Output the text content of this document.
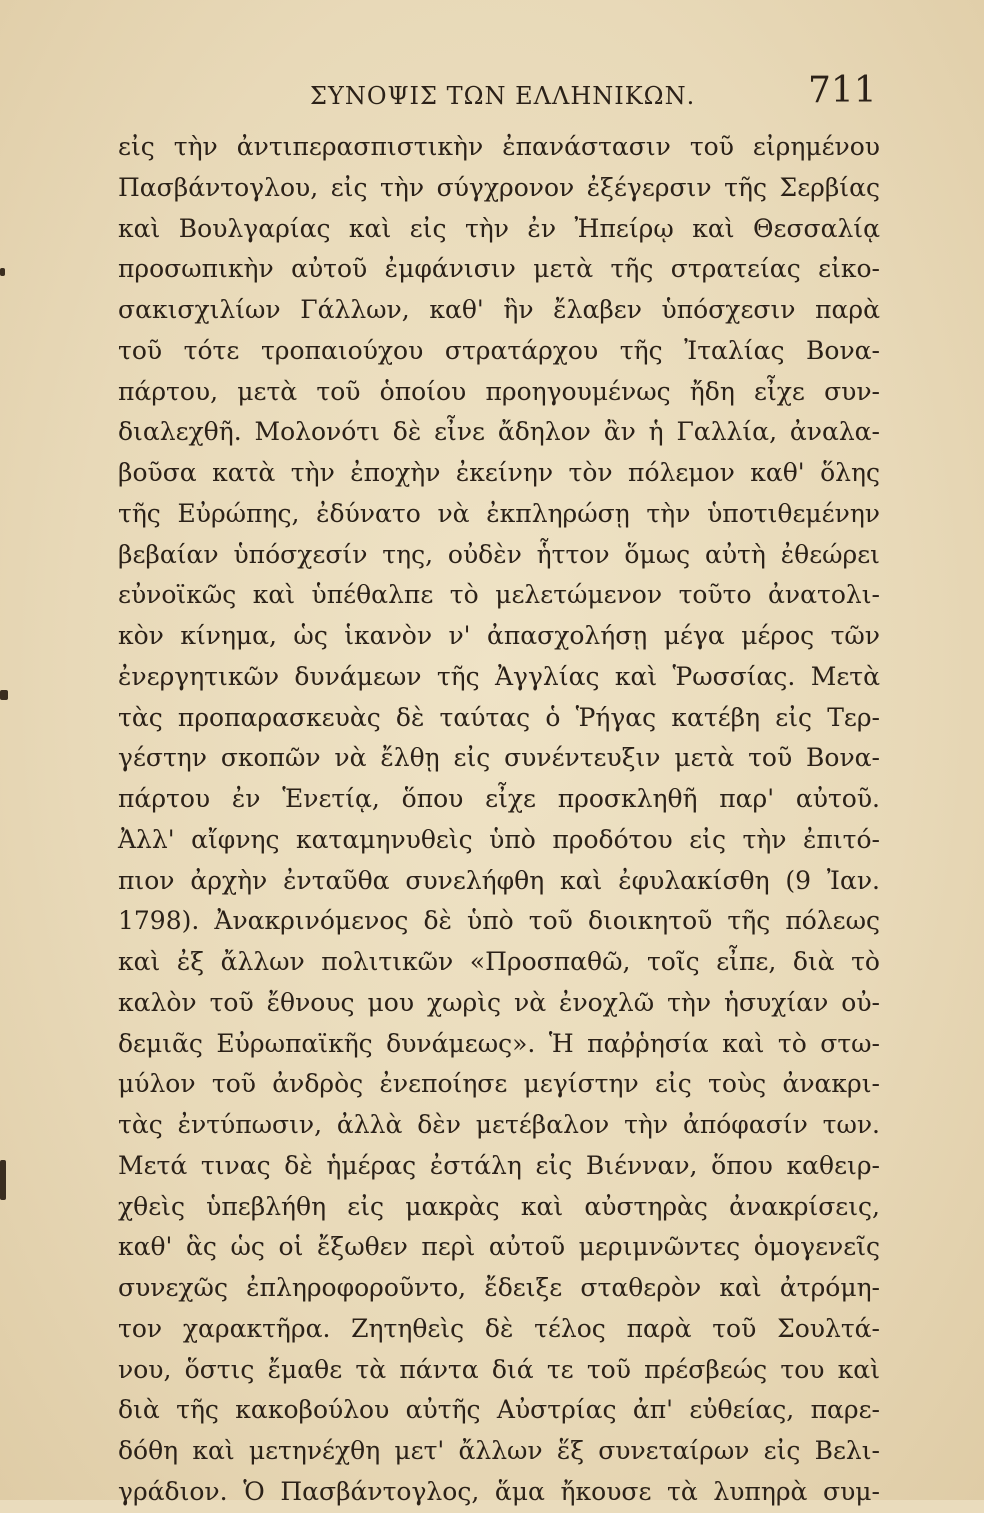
ΣΥΝΟΨΙΣ ΤΩΝ ΕΛΛΗΝΙΚΩΝ.	711
εἰς τὴν ἀντιπερασπιστικὴν ἐπανάστασιν τοῦ εἰρημένου
Πασβάντογλου, εἰς τὴν σύγχρονον ἐξέγερσιν τῆς Σερβίας
καὶ Βουλγαρίας καὶ εἰς τὴν ἐν Ἠπείρῳ καὶ Θεσσαλίᾳ
προσωπικὴν αὐτοῦ ἐμφάνισιν μετὰ τῆς στρατείας εἰκο-
σακισχιλίων Γάλλων, καθ' ἣν ἔλαβεν ὑπόσχεσιν παρὰ
τοῦ τότε τροπαιούχου στρατάρχου τῆς Ἰταλίας Βονα-
πάρτου, μετὰ τοῦ ὁποίου προηγουμένως ἤδη εἶχε συν-
διαλεχθῆ. Μολονότι δὲ εἶνε ἄδηλον ἂν ἡ Γαλλία, ἀναλα-
βοῦσα κατὰ τὴν ἐποχὴν ἐκείνην τὸν πόλεμον καθ' ὅλης
τῆς Εὐρώπης, ἐδύνατο νὰ ἐκπληρώσῃ τὴν ὑποτιθεμένην
βεβαίαν ὑπόσχεσίν της, οὐδὲν ἧττον ὅμως αὐτὴ ἐθεώρει
εὐνοϊκῶς καὶ ὑπέθαλπε τὸ μελετώμενον τοῦτο ἀνατολι-
κὸν κίνημα, ὡς ἱκανὸν ν' ἀπασχολήσῃ μέγα μέρος τῶν
ἐνεργητικῶν δυνάμεων τῆς Ἀγγλίας καὶ Ῥωσσίας. Μετὰ
τὰς προπαρασκευὰς δὲ ταύτας ὁ Ῥήγας κατέβη εἰς Τερ-
γέστην σκοπῶν νὰ ἔλθῃ εἰς συνέντευξιν μετὰ τοῦ Βονα-
πάρτου ἐν Ἑνετίᾳ, ὅπου εἶχε προσκληθῆ παρ' αὐτοῦ.
Ἀλλ' αἴφνης καταμηνυθεὶς ὑπὸ προδότου εἰς τὴν ἐπιτό-
πιον ἀρχὴν ἐνταῦθα συνελήφθη καὶ ἐφυλακίσθη (9 Ἰαν.
1798). Ἀνακρινόμενος δὲ ὑπὸ τοῦ διοικητοῦ τῆς πόλεως
καὶ ἐξ ἄλλων πολιτικῶν «Προσπαθῶ, τοῖς εἶπε, διὰ τὸ
καλὸν τοῦ ἔθνους μου χωρὶς νὰ ἐνοχλῶ τὴν ἡσυχίαν οὐ-
δεμιᾶς Εὐρωπαϊκῆς δυνάμεως». Ἡ παῤῥησία καὶ τὸ στω-
μύλον τοῦ ἀνδρὸς ἐνεποίησε μεγίστην εἰς τοὺς ἀνακρι-
τὰς ἐντύπωσιν, ἀλλὰ δὲν μετέβαλον τὴν ἀπόφασίν των.
Μετά τινας δὲ ἡμέρας ἐστάλη εἰς Βιένναν, ὅπου καθειρ-
χθεὶς ὑπεβλήθη εἰς μακρὰς καὶ αὐστηρὰς ἀνακρίσεις,
καθ' ἃς ὡς οἱ ἔξωθεν περὶ αὐτοῦ μεριμνῶντες ὁμογενεῖς
συνεχῶς ἐπληροφοροῦντο, ἔδειξε σταθερὸν καὶ ἀτρόμη-
τον χαρακτῆρα. Ζητηθεὶς δὲ τέλος παρὰ τοῦ Σουλτά-
νου, ὅστις ἔμαθε τὰ πάντα διά τε τοῦ πρέσβεώς του καὶ
διὰ τῆς κακοβούλου αὐτῆς Αὐστρίας ἀπ' εὐθείας, παρε-
δόθη καὶ μετηνέχθη μετ' ἄλλων ἕξ συνεταίρων εἰς Βελι-
γράδιον. Ὁ Πασβάντογλος, ἅμα ἤκουσε τὰ λυπηρὰ συμ-
